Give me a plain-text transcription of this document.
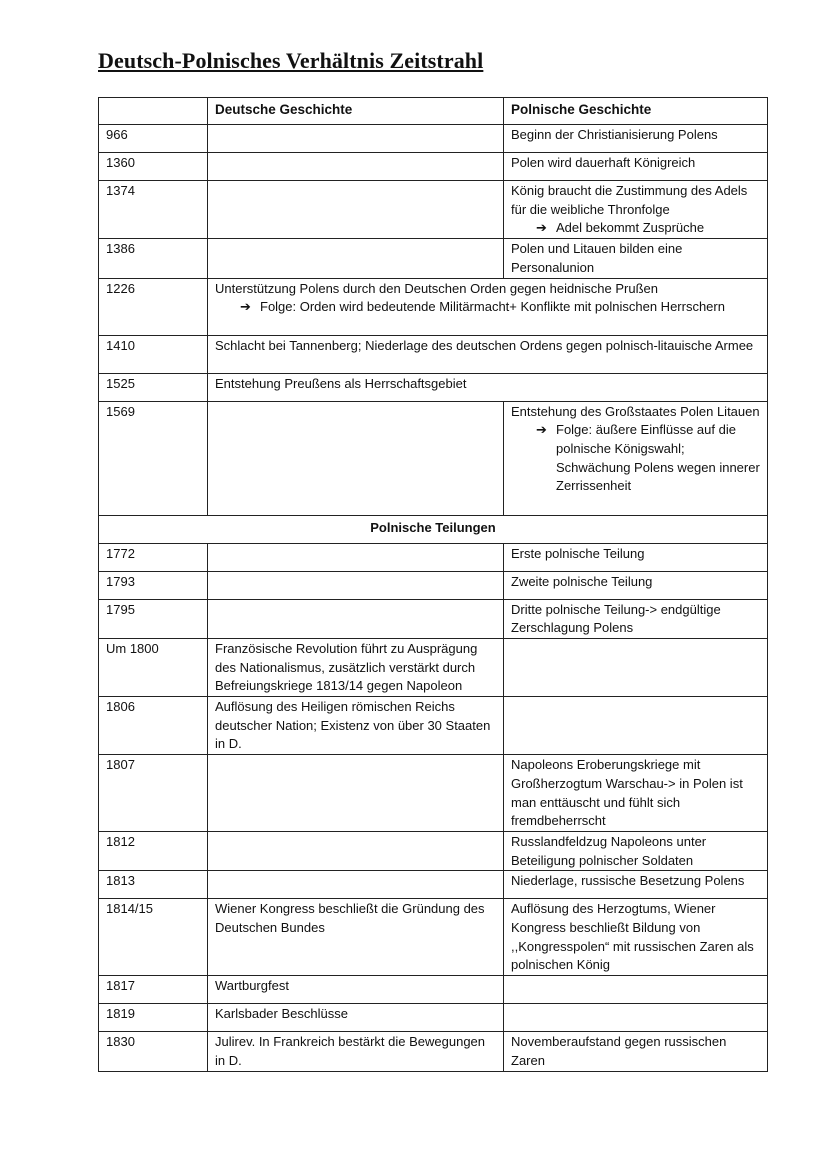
Deutsch-Polnisches Verhältnis Zeitstrahl
	Deutsche Geschichte	Polnische Geschichte
966		Beginn der Christianisierung Polens
1360		Polen wird dauerhaft Königreich
1374		König braucht die Zustimmung des Adels für die weibliche Thronfolge
➔ Adel bekommt Zusprüche

1386		Polen und Litauen bilden eine Personalunion
1226	Unterstützung Polens durch den Deutschen Orden gegen heidnische Prußen
➔ Folge: Orden wird bedeutende Militärmacht+ Konflikte mit polnischen Herrschern	

1410	Schlacht bei Tannenberg; Niederlage des deutschen Ordens gegen polnisch-litauische Armee	
1525	Entstehung Preußens als Herrschaftsgebiet	
1569		Entstehung des Großstaates Polen Litauen
➔ Folge: äußere Einflüsse auf die polnische Königswahl; Schwächung Polens wegen innerer Zerrissenheit

Polnische Teilungen		
1772		Erste polnische Teilung
1793		Zweite polnische Teilung
1795		Dritte polnische Teilung-> endgültige Zerschlagung Polens
Um 1800	Französische Revolution führt zu Ausprägung des Nationalismus, zusätzlich verstärkt durch Befreiungskriege 1813/14 gegen Napoleon	
1806	Auflösung des Heiligen römischen Reichs deutscher Nation; Existenz von über 30 Staaten in D.	
1807		Napoleons Eroberungskriege mit Großherzogtum Warschau-> in Polen ist man enttäuscht und fühlt sich fremdbeherrscht
1812		Russlandfeldzug Napoleons unter Beteiligung polnischer Soldaten
1813		Niederlage, russische Besetzung Polens
1814/15	Wiener Kongress beschließt die Gründung des Deutschen Bundes	Auflösung des Herzogtums, Wiener Kongress beschließt Bildung von ,,Kongresspolen“ mit russischen Zaren als polnischen König
1817	Wartburgfest	
1819	Karlsbader Beschlüsse	
1830	Julirev. In Frankreich bestärkt die Bewegungen in D.	Novemberaufstand gegen russischen Zaren
